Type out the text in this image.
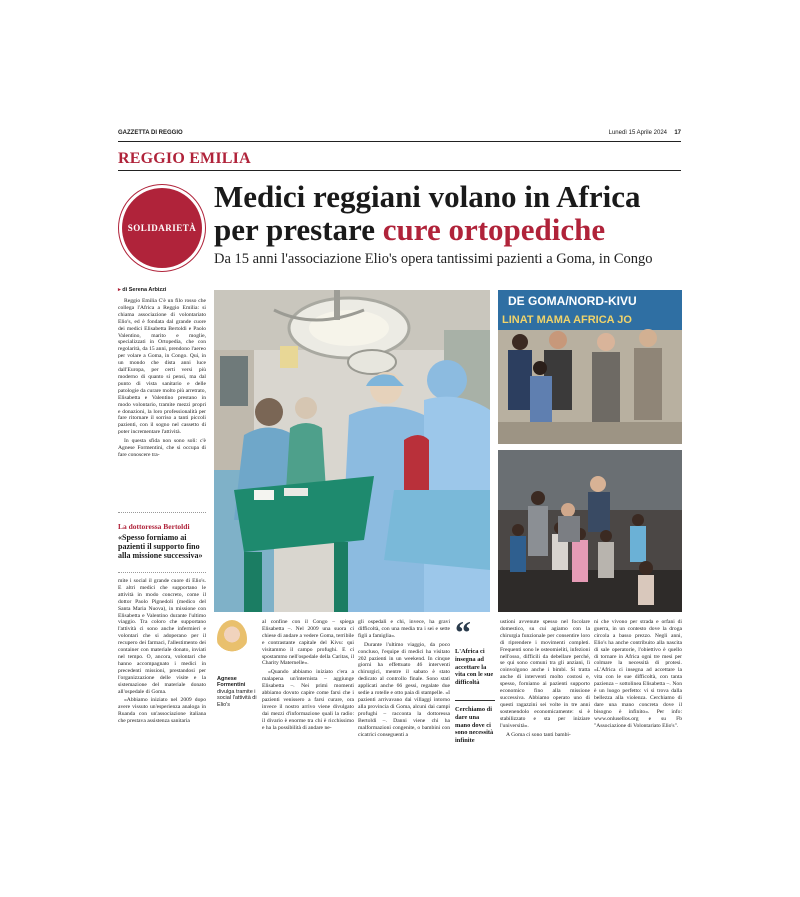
GAZZETTA DI REGGIO	Lunedì 15 Aprile 2024 17
REGGIO EMILIA
SOLIDARIETÀ
Medici reggiani volano in Africa per prestare cure ortopediche
Da 15 anni l'associazione Elio's opera tantissimi pazienti a Goma, in Congo
▸ di Serena Arbizzi

Reggio Emilia C'è un filo rosso che collega l'Africa a Reggio Emilia: si chiama associazione di volontariato Elio's, ed è fondata dal grande cuore dei medici Elisabetta Bertoldi e Paolo Valentino, marito e moglie, specializzati in Ortopedia, che con regolarità, da 15 anni, prendono l'aereo per volare a Goma, in Congo. Qui, in un mondo che dista anni luce dall'Europa, per certi versi più moderno di quanto si pensi, ma dal punto di vista sanitario e delle patologie da curare molto più arretrato, Elisabetta e Valentino prestano in modo volontario, tramite mezzi propri e donazioni, la loro professionalità per fare ritornare il sorriso a tanti piccoli pazienti, con il sogno nel cassetto di poter incrementare l'attività.

In questa sfida non sono soli: c'è Agnese Formentini, che si occupa di fare conoscere tra-

La dottoressa Bertoldi
«Spesso forniamo ai pazienti il supporto fino alla missione successiva»

mite i social il grande cuore di Elio's. E altri medici che supportano le attività in modo concreto, come il dottor Paolo Pignedoli (medico del Santa Maria Nuova), in missione con Elisabetta e Valentino durante l'ultimo viaggio. Tra coloro che supportano l'attività ci sono anche infermieri e volontari che si adoperano per il recupero dei farmaci, l'allestimento dei container con materiale donato, inviati nel tempo. O, ancora, volontari che hanno accompagnato i medici in precedenti missioni, prestandosi per l'organizzazione delle visite e la sistemazione del materiale donato all'ospedale di Goma.

«Abbiamo iniziato nel 2009 dopo avere vissuto un'esperienza analoga in Ruanda con un'associazione italiana che prestava assistenza sanitaria

DE GOMA/NORD-KIVU
LINAT MAMA AFRICA JO
Agnese Formentini
divulga tramite i social l'attività di Elio's

al confine con il Congo – spiega Elisabetta –. Nel 2009 una suora ci chiese di andare a vedere Goma, terribile e contrastante capitale del Kivu: qui visitammo il campo profughi. E ci spostammo nell'ospedale della Caritas, il Charity Maternelle».

«Quando abbiamo iniziato c'era a malapena un'internista – aggiunge Elisabetta –. Nei primi momenti abbiamo dovuto capire come farsi che i pazienti venissero a farsi curare, ora invece il nostro arrivo viene divulgato dai mezzi d'informazione quali la radio: il divario è enorme tra chi è ricchissimo e ha la possibilità di andare ne-

gli ospedali e chi, invece, ha gravi difficoltà, con una media tra i sei e sette figli a famiglia».

Durante l'ultimo viaggio, da poco concluso, l'equipe di medici ha visitato 202 pazienti in un weekend. In cinque giorni ha effettuato 46 interventi chirurgici, mentre il sabato è stato dedicato al controllo finale. Sono stati applicati anche 66 gessi, regalate due sedie a rotelle e otto paia di stampelle. «I pazienti arrivavano dai villaggi intorno alla provincia di Goma, alcuni dai campi profughi – racconta la dottoressa Bertoldi –. Danni viene chi ha malformazioni congenite, o bambini con cicatrici conseguenti a

“
L'Africa ci insegna ad accettare la vita con le sue difficoltà
Cerchiamo di dare una mano dove ci sono necessità infinite

ustioni avvenute spesso nel focolare domestico, su cui agiamo con la chirurgia funzionale per consentire loro di riprendere i movimenti completi. Frequenti sono le osteomieliti, infezioni nell'osso, difficili da debellare perché, se qui sono comuni tra gli anziani, lì coinvolgono anche i bimbi. Si tratta anche di interventi molto costosi e, spesso, forniamo ai pazienti supporto economico fino alla missione successiva. Abbiamo operato uno di questi ragazzini sei volte in tre anni sostenendolo economicamente: si è stabilizzato e sta per iniziare l'università».

A Goma ci sono tanti bambi-

ni che vivono per strada e orfani di guerra, in un contesto dove la droga circola a basso prezzo. Negli anni, Elio's ha anche contribuito alla nascita di sale operatorie, l'obiettivo è quello di tornare in Africa ogni tre mesi per colmare la necessità di protesi. «L'Africa ci insegna ad accettare la vita con le sue difficoltà, con tanta pazienza – sottolinea Elisabetta –. Non è un luogo perfetto: vi si trova dalla bellezza alla violenza. Cerchiamo di dare una mano concreta dove il bisogno è infinito». Per info: www.onlusellos.org e su Fb "Associazione di Volontariato Elio's".
